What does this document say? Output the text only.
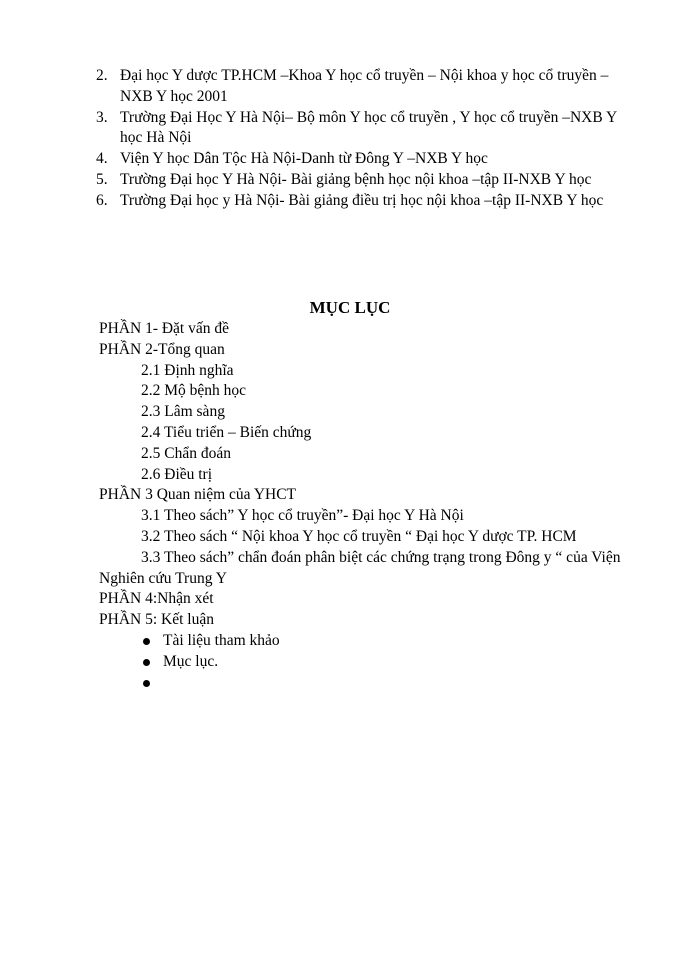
2. Đại học Y dược TP.HCM –Khoa Y học cổ truyền – Nội khoa y học cổ truyền –NXB Y học 2001
3. Trường Đại Học Y Hà Nội– Bộ môn Y học cổ truyền , Y học cổ truyền –NXB Y học Hà Nội
4. Viện Y học Dân Tộc Hà Nội-Danh từ Đông Y –NXB Y học
5. Trường Đại học Y Hà Nội- Bài giảng bệnh học nội khoa –tập II-NXB Y học
6. Trường Đại học y Hà Nội- Bài giảng điều trị học nội khoa –tập II-NXB Y học
MỤC LỤC
PHẦN 1- Đặt vấn đề
PHẦN 2-Tổng quan
2.1 Định nghĩa
2.2 Mộ bệnh học
2.3 Lâm sàng
2.4 Tiểu triển – Biến chứng
2.5 Chẩn đoán
2.6 Điều trị
PHẦN 3 Quan niệm của YHCT
3.1 Theo sách” Y học cổ truyền”- Đại học Y Hà Nội
3.2 Theo sách “ Nội khoa Y học cổ truyền “ Đại học Y dược TP. HCM
3.3 Theo sách” chẩn đoán phân biệt các chứng trạng trong Đông y “ của Viện Nghiên cứu Trung Y
PHẦN 4:Nhận xét
PHẦN 5: Kết luận
Tài liệu tham khảo
Mục lục.
